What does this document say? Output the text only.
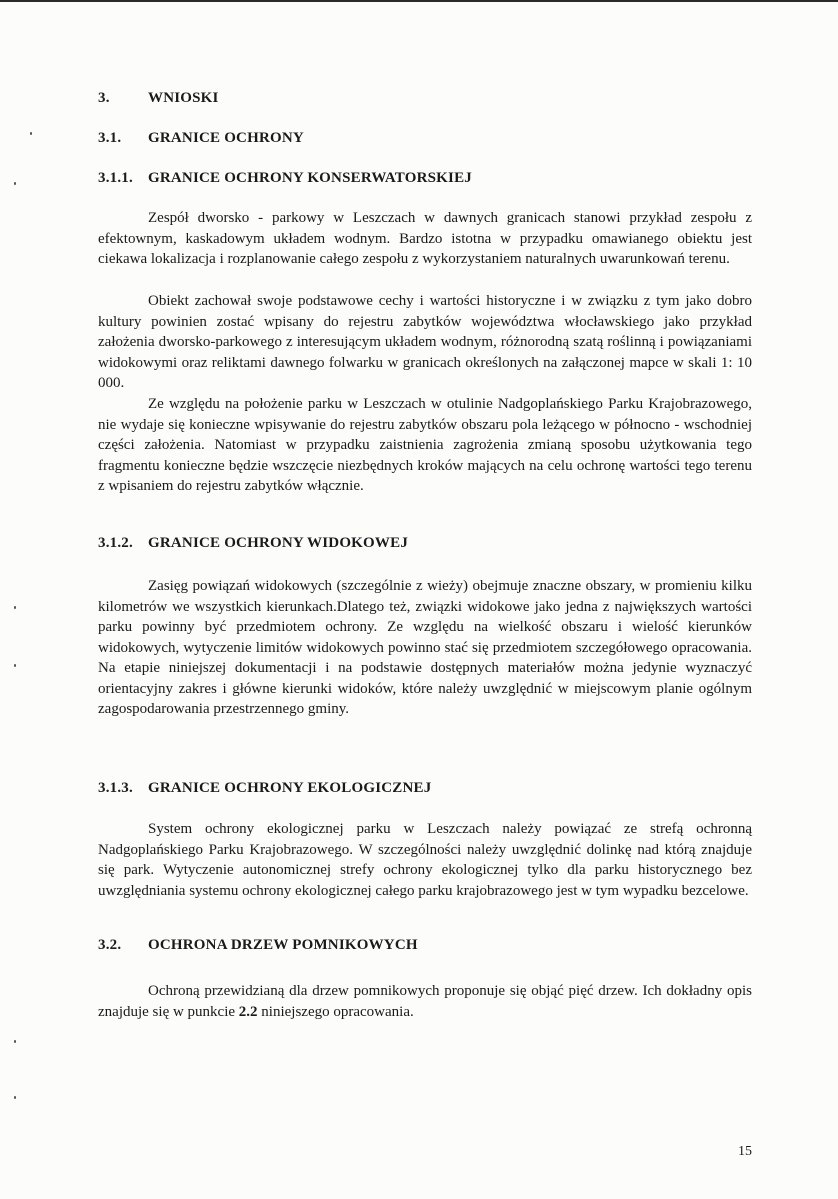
3.	WNIOSKI
3.1. GRANICE OCHRONY
3.1.1. GRANICE OCHRONY KONSERWATORSKIEJ
Zespół dworsko - parkowy w Leszczach w dawnych granicach stanowi przykład zespołu z efektownym, kaskadowym układem wodnym. Bardzo istotna w przypadku omawianego obiektu jest ciekawa lokalizacja i rozplanowanie całego zespołu z wykorzystaniem naturalnych uwarunkowań terenu.
Obiekt zachował swoje podstawowe cechy i wartości historyczne i w związku z tym jako dobro kultury powinien zostać wpisany do rejestru zabytków województwa włocławskiego jako przykład założenia dworsko-parkowego z interesującym układem wodnym, różnorodną szatą roślinną i powiązaniami widokowymi oraz reliktami dawnego folwarku w granicach określonych na załączonej mapce w skali 1: 10 000.
Ze względu na położenie parku w Leszczach w otulinie Nadgoplańskiego Parku Krajobrazowego, nie wydaje się konieczne wpisywanie do rejestru zabytków obszaru pola leżącego w północno - wschodniej części założenia. Natomiast w przypadku zaistnienia zagrożenia zmianą sposobu użytkowania tego fragmentu konieczne będzie wszczęcie niezbędnych kroków mających na celu ochronę wartości tego terenu z wpisaniem do rejestru zabytków włącznie.
3.1.2. GRANICE OCHRONY WIDOKOWEJ
Zasięg powiązań widokowych (szczególnie z wieży) obejmuje znaczne obszary, w promieniu kilku kilometrów we wszystkich kierunkach.Dlatego też, związki widokowe jako jedna z największych wartości parku powinny być przedmiotem ochrony. Ze względu na wielkość obszaru i wielość kierunków widokowych, wytyczenie limitów widokowych powinno stać się przedmiotem szczegółowego opracowania. Na etapie niniejszej dokumentacji i na podstawie dostępnych materiałów można jedynie wyznaczyć orientacyjny zakres i główne kierunki widoków, które należy uwzględnić w miejscowym planie ogólnym zagospodarowania przestrzennego gminy.
3.1.3. GRANICE OCHRONY EKOLOGICZNEJ
System ochrony ekologicznej parku w Leszczach należy powiązać ze strefą ochronną Nadgoplańskiego Parku Krajobrazowego. W szczególności należy uwzględnić dolinkę nad którą znajduje się park. Wytyczenie autonomicznej strefy ochrony ekologicznej tylko dla parku historycznego bez uwzględniania systemu ochrony ekologicznej całego parku krajobrazowego jest w tym wypadku bezcelowe.
3.2. OCHRONA DRZEW POMNIKOWYCH
Ochroną przewidzianą dla drzew pomnikowych proponuje się objąć pięć drzew. Ich dokładny opis znajduje się w punkcie 2.2 niniejszego opracowania.
15
